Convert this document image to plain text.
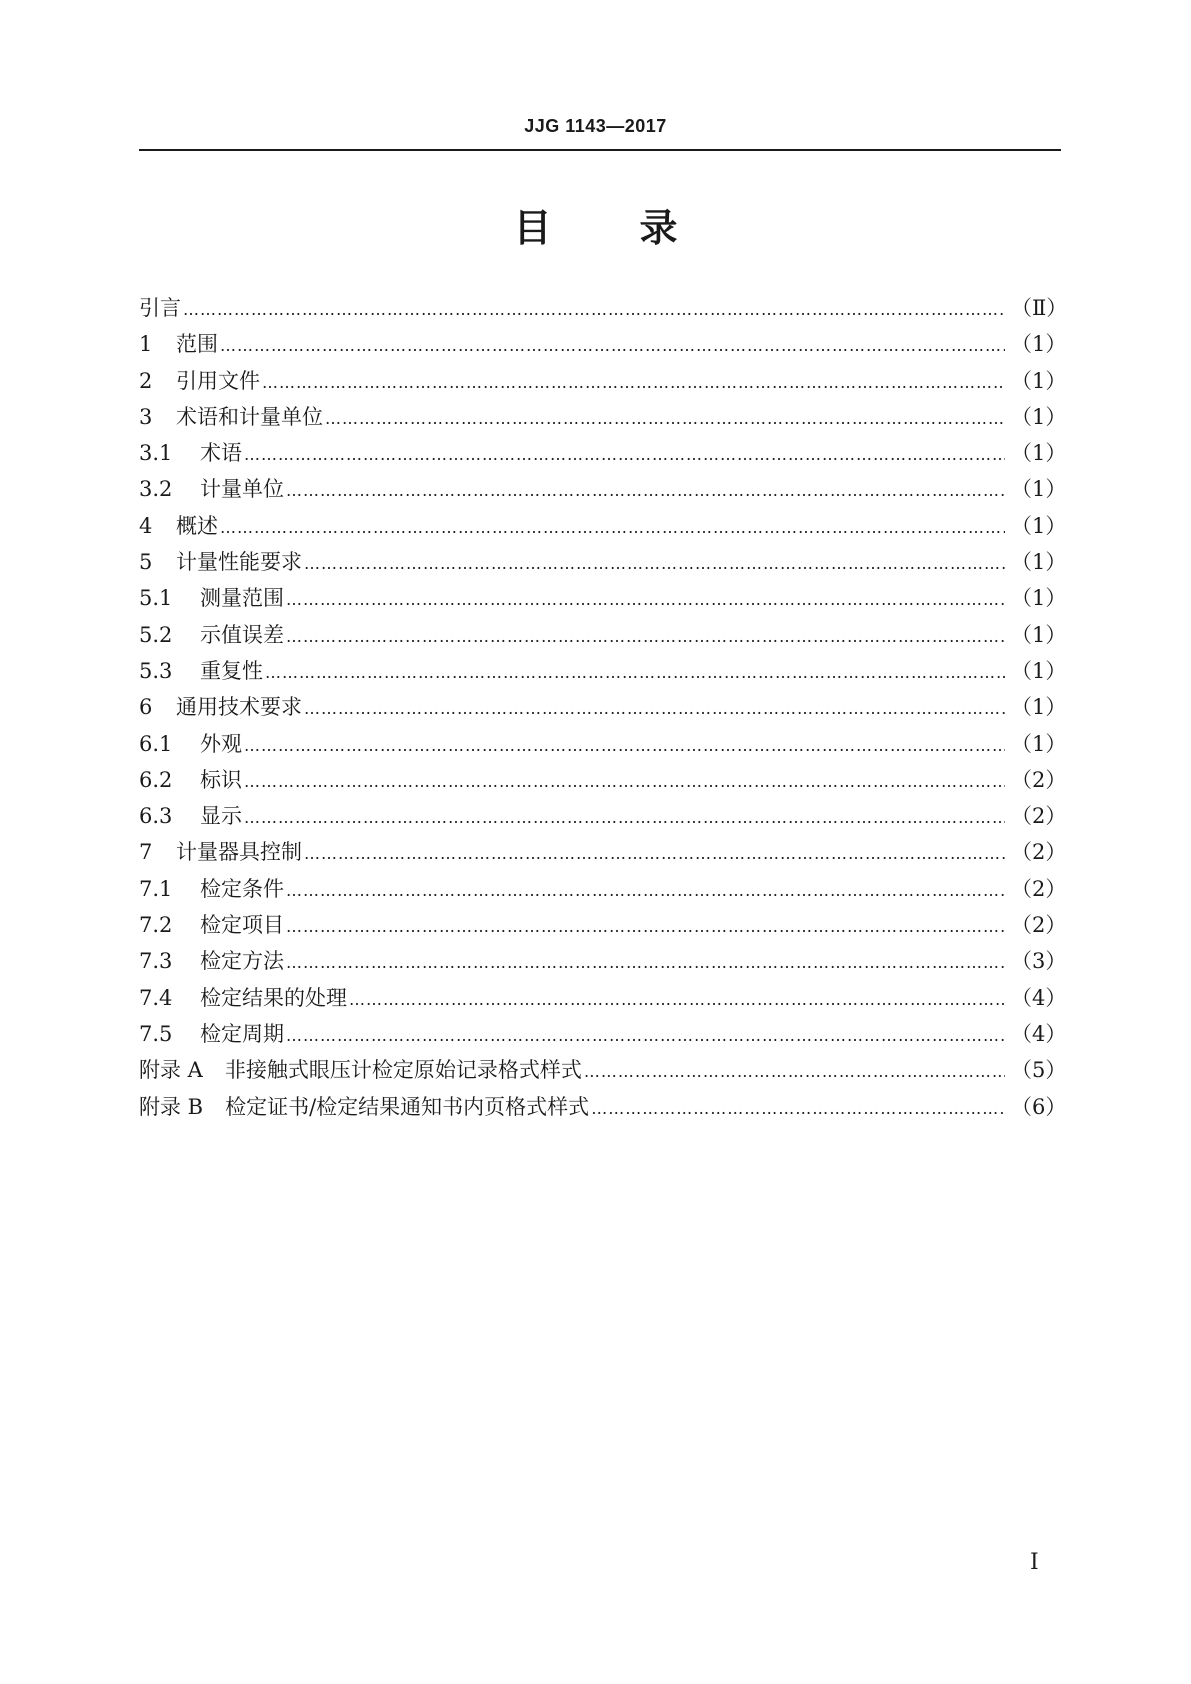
JJG 1143—2017
目 录
引言 …………………………………………………………………………………………………………………………………………………………………………………………………………………………………………	（Ⅱ）
1	范围 …………………………………………………………………………………………………………………………………………………………………………………………………………………………………………	（1）
2	引用文件 …………………………………………………………………………………………………………………………………………………………………………………………………………………………………………	（1）
3	术语和计量单位 …………………………………………………………………………………………………………………………………………………………………………………………………………………………………………	（1）
3.1	术语 …………………………………………………………………………………………………………………………………………………………………………………………………………………………………………	（1）
3.2	计量单位 …………………………………………………………………………………………………………………………………………………………………………………………………………………………………………	（1）
4	概述 …………………………………………………………………………………………………………………………………………………………………………………………………………………………………………	（1）
5	计量性能要求 …………………………………………………………………………………………………………………………………………………………………………………………………………………………………………	（1）
5.1	测量范围 …………………………………………………………………………………………………………………………………………………………………………………………………………………………………………	（1）
5.2	示值误差 …………………………………………………………………………………………………………………………………………………………………………………………………………………………………………	（1）
5.3	重复性 …………………………………………………………………………………………………………………………………………………………………………………………………………………………………………	（1）
6	通用技术要求 …………………………………………………………………………………………………………………………………………………………………………………………………………………………………………	（1）
6.1	外观 …………………………………………………………………………………………………………………………………………………………………………………………………………………………………………	（1）
6.2	标识 …………………………………………………………………………………………………………………………………………………………………………………………………………………………………………	（2）
6.3	显示 …………………………………………………………………………………………………………………………………………………………………………………………………………………………………………	（2）
7	计量器具控制 …………………………………………………………………………………………………………………………………………………………………………………………………………………………………………	（2）
7.1	检定条件 …………………………………………………………………………………………………………………………………………………………………………………………………………………………………………	（2）
7.2	检定项目 …………………………………………………………………………………………………………………………………………………………………………………………………………………………………………	（2）
7.3	检定方法 …………………………………………………………………………………………………………………………………………………………………………………………………………………………………………	（3）
7.4	检定结果的处理 …………………………………………………………………………………………………………………………………………………………………………………………………………………………………………	（4）
7.5	检定周期 …………………………………………………………………………………………………………………………………………………………………………………………………………………………………………	（4）
附录 A 非接触式眼压计检定原始记录格式样式 …………………………………………………………………………………………………………………………………………………………………………………………………………………………………………	（5）
附录 B 检定证书/检定结果通知书内页格式样式 …………………………………………………………………………………………………………………………………………………………………………………………………………………………………………	（6）
Ⅰ
